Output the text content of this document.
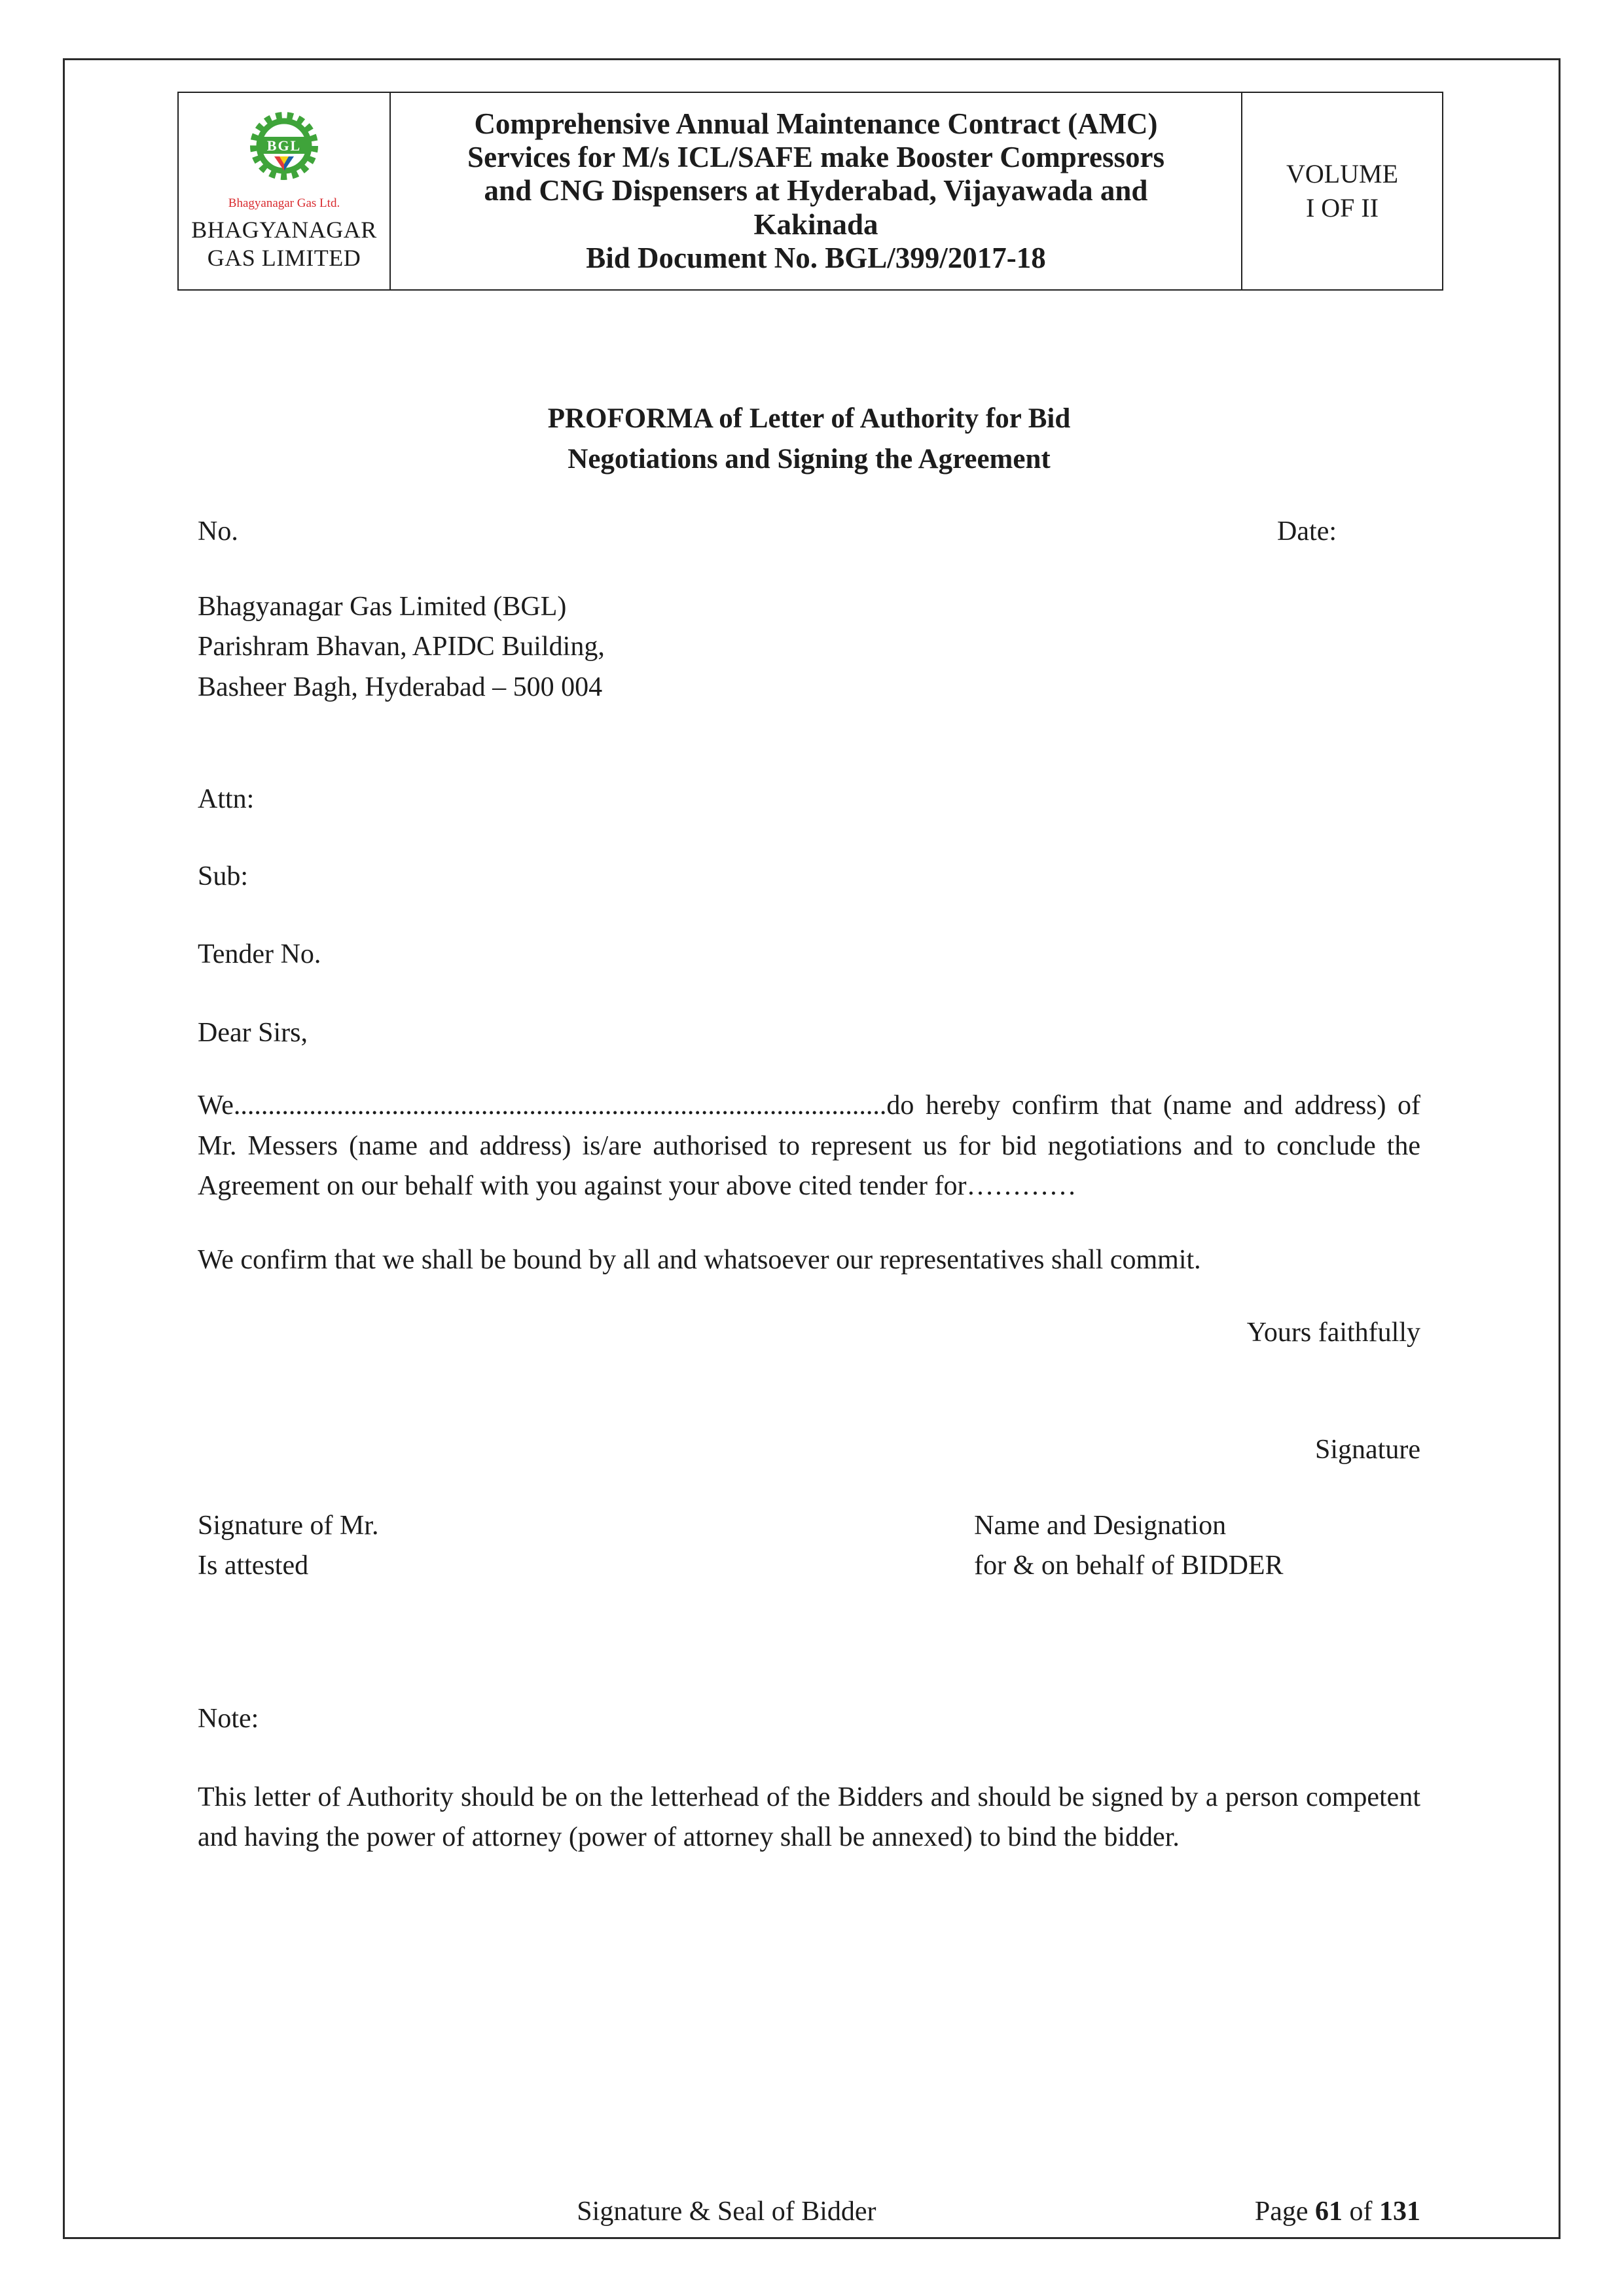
BGL
Bhagyanagar Gas Ltd.
BHAGYANAGAR
GAS LIMITED
Comprehensive Annual Maintenance Contract (AMC)
Services for M/s ICL/SAFE make Booster Compressors
and CNG Dispensers at Hyderabad, Vijayawada and
Kakinada
Bid Document No. BGL/399/2017-18
VOLUME
I OF II
PROFORMA of Letter of Authority for Bid
Negotiations and Signing the Agreement
No.	Date:
Bhagyanagar Gas Limited (BGL)
Parishram Bhavan, APIDC Building,
Basheer Bagh, Hyderabad – 500 004
Attn:
Sub:
Tender No.
Dear Sirs,
We...............................................................................................do hereby confirm that (name and address) of Mr. Messers (name and address) is/are authorised to represent us for bid negotiations and to conclude the Agreement on our behalf with you against your above cited tender for…………
We confirm that we shall be bound by all and whatsoever our representatives shall commit.
Yours faithfully
Signature
Signature of Mr.
Is attested
Name and Designation
for & on behalf of BIDDER
Note:
This letter of Authority should be on the letterhead of the Bidders and should be signed by a person competent and having the power of attorney (power of attorney shall be annexed) to bind the bidder.
Signature & Seal of Bidder	Page 61 of 131
